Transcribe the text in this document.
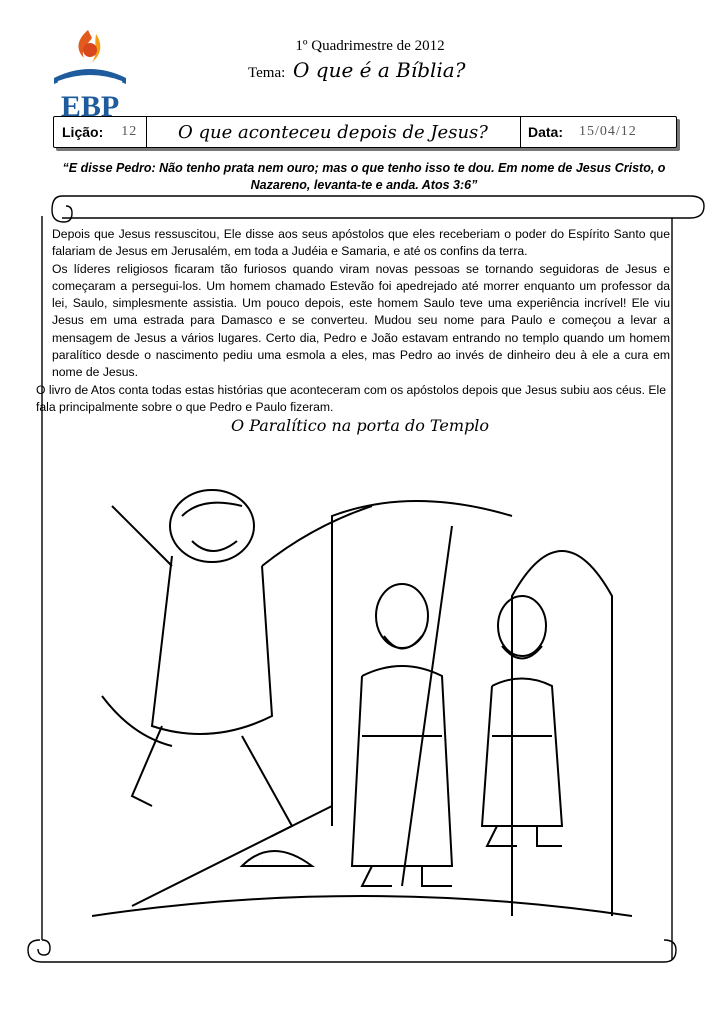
EBP
1º Quadrimestre de 2012
Tema: O que é a Bíblia?
Lição: 12 O que aconteceu depois de Jesus?	Data: 15/04/12
“E disse Pedro: Não tenho prata nem ouro; mas o que tenho isso te dou. Em nome de Jesus Cristo, o Nazareno, levanta-te e anda. Atos 3:6”

Depois que Jesus ressuscitou, Ele disse aos seus apóstolos que eles receberiam o poder do Espírito Santo que falariam de Jesus em Jerusalém, em toda a Judéia e Samaria, e até os confins da terra.

Os líderes religiosos ficaram tão furiosos quando viram novas pessoas se tornando seguidoras de Jesus e começaram a persegui-los. Um homem chamado Estevão foi apedrejado até morrer enquanto um professor da lei, Saulo, simplesmente assistia. Um pouco depois, este homem Saulo teve uma experiência incrível! Ele viu Jesus em uma estrada para Damasco e se converteu. Mudou seu nome para Paulo e começou a levar a mensagem de Jesus a vários lugares. Certo dia, Pedro e João estavam entrando no templo quando um homem paralítico desde o nascimento pediu uma esmola a eles, mas Pedro ao invés de dinheiro deu à ele a cura em nome de Jesus.

O livro de Atos conta todas estas histórias que aconteceram com os apóstolos depois que Jesus subiu aos céus. Ele fala principalmente sobre o que Pedro e Paulo fizeram.

O Paralítico na porta do Templo
